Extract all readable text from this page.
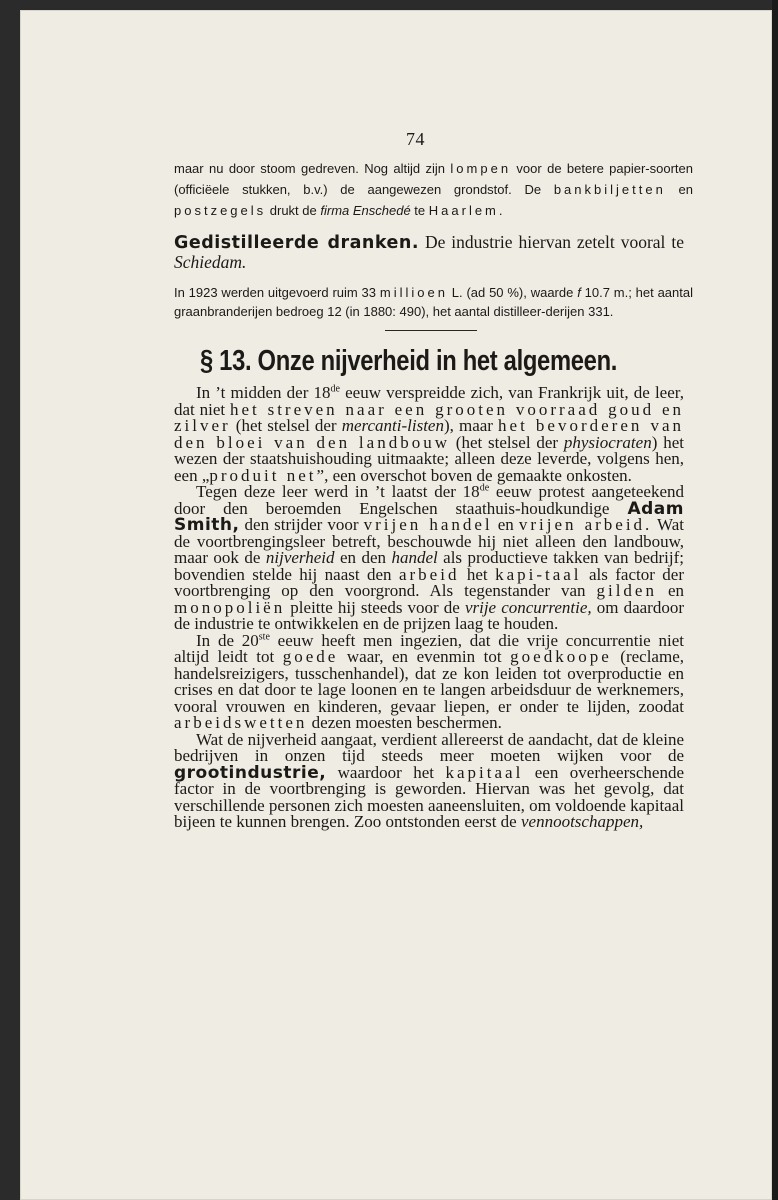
74

maar nu door stoom gedreven. Nog altijd zijn lompen voor de betere papier-soorten (officiëele stukken, b.v.) de aangewezen grondstof. De bankbiljetten en postzegels drukt de firma Enschedé te Haarlem.

Gedistilleerde dranken. De industrie hiervan zetelt vooral te Schiedam.

In 1923 werden uitgevoerd ruim 33 millioen L. (ad 50 %), waarde f 10.7 m.; het aantal graanbranderijen bedroeg 12 (in 1880: 490), het aantal distilleer-derijen 331.

§ 13. Onze nijverheid in het algemeen.

In ’t midden der 18de eeuw verspreidde zich, van Frankrijk uit, de leer, dat niet het streven naar een grooten voorraad goud en zilver (het stelsel der mercanti-listen), maar het bevorderen van den bloei van den landbouw (het stelsel der physiocraten) het wezen der staatshuishouding uitmaakte; alleen deze leverde, volgens hen, een „produit net”, een overschot boven de gemaakte onkosten.

Tegen deze leer werd in ’t laatst der 18de eeuw protest aangeteekend door den beroemden Engelschen staathuis-houdkundige Adam Smith, den strijder voor vrijen handel en vrijen arbeid. Wat de voortbrengingsleer betreft, beschouwde hij niet alleen den landbouw, maar ook de nijverheid en den handel als productieve takken van bedrijf; bovendien stelde hij naast den arbeid het kapi-taal als factor der voortbrenging op den voorgrond. Als tegenstander van gilden en monopoliën pleitte hij steeds voor de vrije concurrentie, om daardoor de industrie te ontwikkelen en de prijzen laag te houden.

In de 20ste eeuw heeft men ingezien, dat die vrije concurrentie niet altijd leidt tot goede waar, en evenmin tot goedkoope (reclame, handelsreizigers, tusschenhandel), dat ze kon leiden tot overproductie en crises en dat door te lage loonen en te langen arbeidsduur de werknemers, vooral vrouwen en kinderen, gevaar liepen, er onder te lijden, zoodat arbeidswetten dezen moesten beschermen.

Wat de nijverheid aangaat, verdient allereerst de aandacht, dat de kleine bedrijven in onzen tijd steeds meer moeten wijken voor de grootindustrie, waardoor het kapitaal een overheerschende factor in de voortbrenging is geworden. Hiervan was het gevolg, dat verschillende personen zich moesten aaneensluiten, om voldoende kapitaal bijeen te kunnen brengen. Zoo ontstonden eerst de vennootschappen,
